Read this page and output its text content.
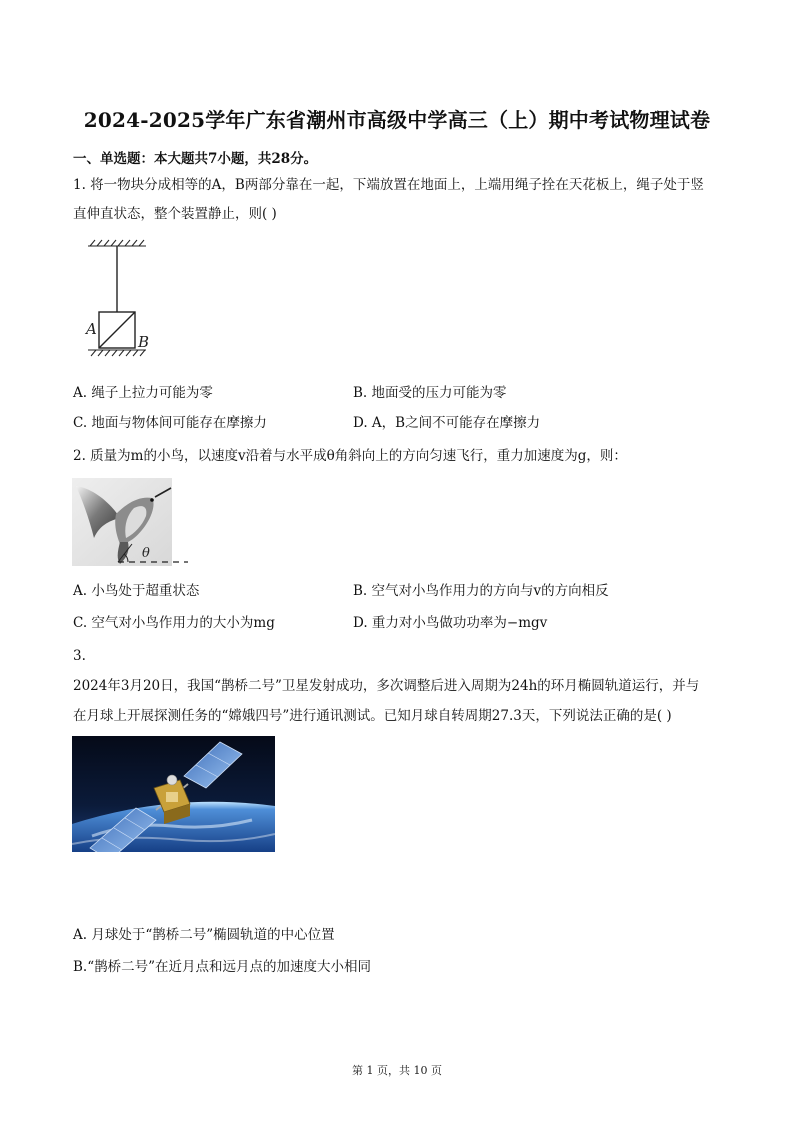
2024-2025学年广东省潮州市高级中学高三（上）期中考试物理试卷
一、单选题：本大题共7小题，共28分。
1. 将一物块分成相等的A，B两部分靠在一起，下端放置在地面上，上端用绳子拴在天花板上，绳子处于竖
直伸直状态，整个装置静止，则( )
A
B
A. 绳子上拉力可能为零	B. 地面受的压力可能为零
C. 地面与物体间可能存在摩擦力	D. A，B之间不可能存在摩擦力
2. 质量为m的小鸟，以速度v沿着与水平成θ角斜向上的方向匀速飞行，重力加速度为g，则：
θ
A. 小鸟处于超重状态	B. 空气对小鸟作用力的方向与v的方向相反
C. 空气对小鸟作用力的大小为mg	D. 重力对小鸟做功功率为−mgv
3.
2024年3月20日，我国“鹊桥二号”卫星发射成功，多次调整后进入周期为24h的环月椭圆轨道运行，并与
在月球上开展探测任务的“嫦娥四号”进行通讯测试。已知月球自转周期27.3天，下列说法正确的是( )
A. 月球处于“鹊桥二号”椭圆轨道的中心位置
B.“鹊桥二号”在近月点和远月点的加速度大小相同
第 1 页，共 10 页
